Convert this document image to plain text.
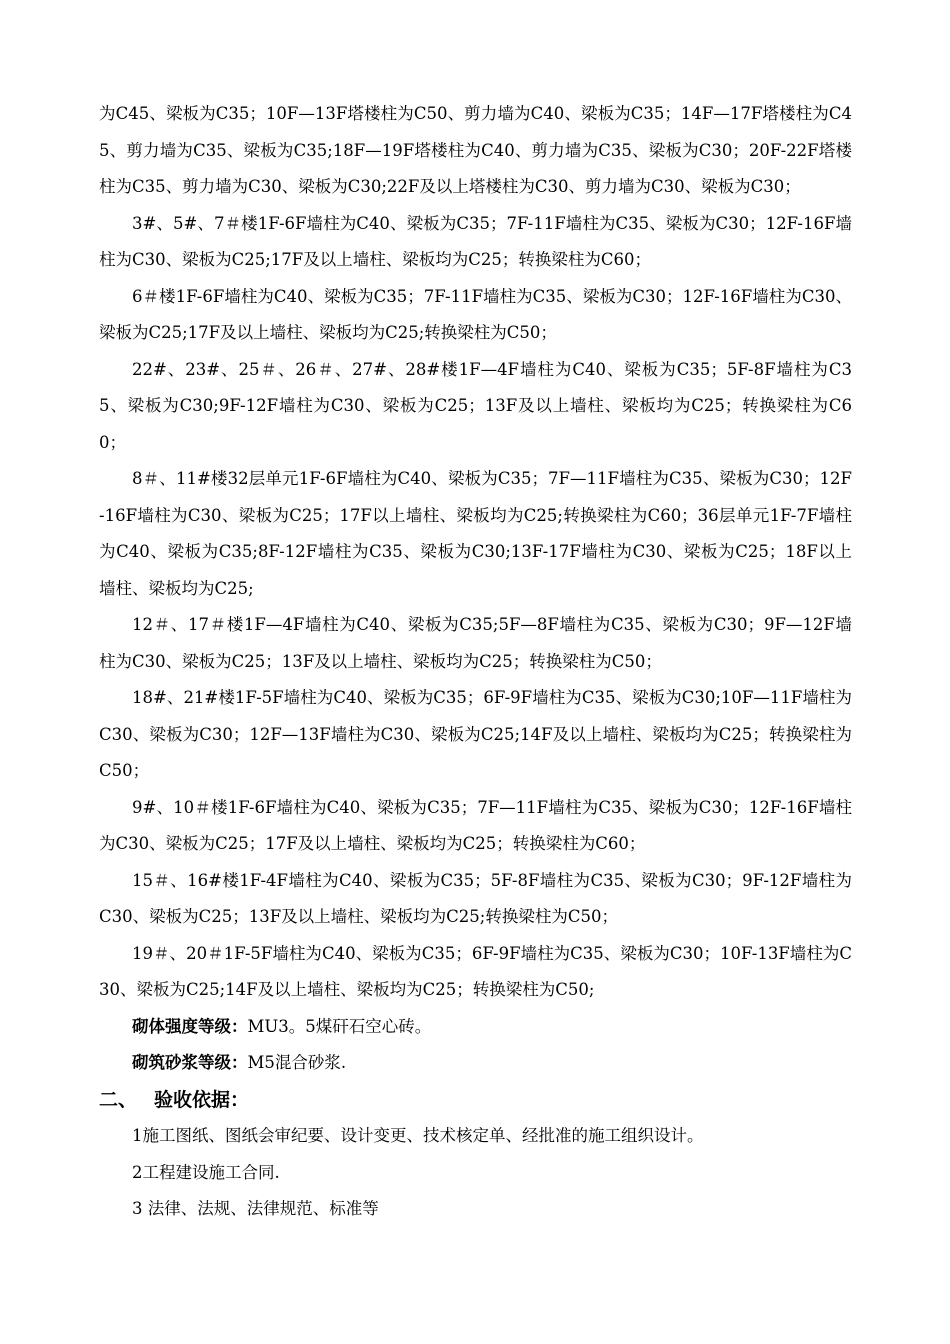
为C45、梁板为C35；10F—13F塔楼柱为C50、剪力墙为C40、梁板为C35；14F—17F塔楼柱为C45、剪力墙为C35、梁板为C35;18F—19F塔楼柱为C40、剪力墙为C35、梁板为C30；20F-22F塔楼柱为C35、剪力墙为C30、梁板为C30;22F及以上塔楼柱为C30、剪力墙为C30、梁板为C30；

3#、5#、7＃楼1F-6F墙柱为C40、梁板为C35；7F-11F墙柱为C35、梁板为C30；12F-16F墙柱为C30、梁板为C25;17F及以上墙柱、梁板均为C25；转换梁柱为C60；

6＃楼1F-6F墙柱为C40、梁板为C35；7F-11F墙柱为C35、梁板为C30；12F-16F墙柱为C30、梁板为C25;17F及以上墙柱、梁板均为C25;转换梁柱为C50；

22#、23#、25＃、26＃、27#、28#楼1F—4F墙柱为C40、梁板为C35；5F-8F墙柱为C35、梁板为C30;9F-12F墙柱为C30、梁板为C25；13F及以上墙柱、梁板均为C25；转换梁柱为C60；

8＃、11#楼32层单元1F-6F墙柱为C40、梁板为C35；7F—11F墙柱为C35、梁板为C30；12F-16F墙柱为C30、梁板为C25；17F以上墙柱、梁板均为C25;转换梁柱为C60；36层单元1F-7F墙柱为C40、梁板为C35;8F-12F墙柱为C35、梁板为C30;13F-17F墙柱为C30、梁板为C25；18F以上墙柱、梁板均为C25;

12＃、17＃楼1F—4F墙柱为C40、梁板为C35;5F—8F墙柱为C35、梁板为C30；9F—12F墙柱为C30、梁板为C25；13F及以上墙柱、梁板均为C25；转换梁柱为C50；

18#、21#楼1F-5F墙柱为C40、梁板为C35；6F-9F墙柱为C35、梁板为C30;10F—11F墙柱为C30、梁板为C30；12F—13F墙柱为C30、梁板为C25;14F及以上墙柱、梁板均为C25；转换梁柱为C50；

9#、10＃楼1F-6F墙柱为C40、梁板为C35；7F—11F墙柱为C35、梁板为C30；12F-16F墙柱为C30、梁板为C25；17F及以上墙柱、梁板均为C25；转换梁柱为C60；

15＃、16#楼1F-4F墙柱为C40、梁板为C35；5F-8F墙柱为C35、梁板为C30；9F-12F墙柱为C30、梁板为C25；13F及以上墙柱、梁板均为C25;转换梁柱为C50；

19＃、20＃1F-5F墙柱为C40、梁板为C35；6F-9F墙柱为C35、梁板为C30；10F-13F墙柱为C30、梁板为C25;14F及以上墙柱、梁板均为C25；转换梁柱为C50;

砌体强度等级：MU3。5煤矸石空心砖。

砌筑砂浆等级：M5混合砂浆.

二、 验收依据：

1施工图纸、图纸会审纪要、设计变更、技术核定单、经批准的施工组织设计。

2工程建设施工合同.

3 法律、法规、法律规范、标准等
